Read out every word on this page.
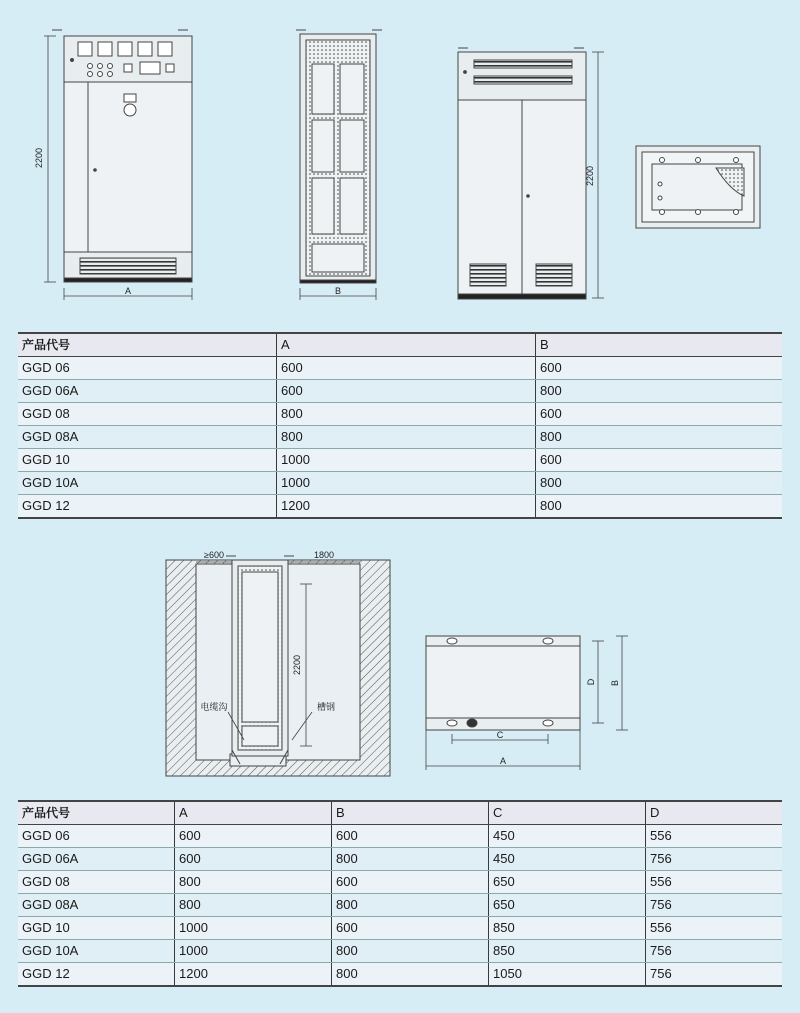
2200
A	B
2200
产品代号	A	B
GGD 06	600	600
GGD 06A	600	800
GGD 08	800	600
GGD 08A	800	800
GGD 10	1000	600
GGD 10A	1000	800
GGD 12	1200	800
≥600	1800
2200
电缆沟	槽钢
C
A
D B
产品代号	A	B	C	D
GGD 06	600	600	450	556
GGD 06A	600	800	450	756
GGD 08	800	600	650	556
GGD 08A	800	800	650	756
GGD 10	1000	600	850	556
GGD 10A	1000	800	850	756
GGD 12	1200	800	1050	756
